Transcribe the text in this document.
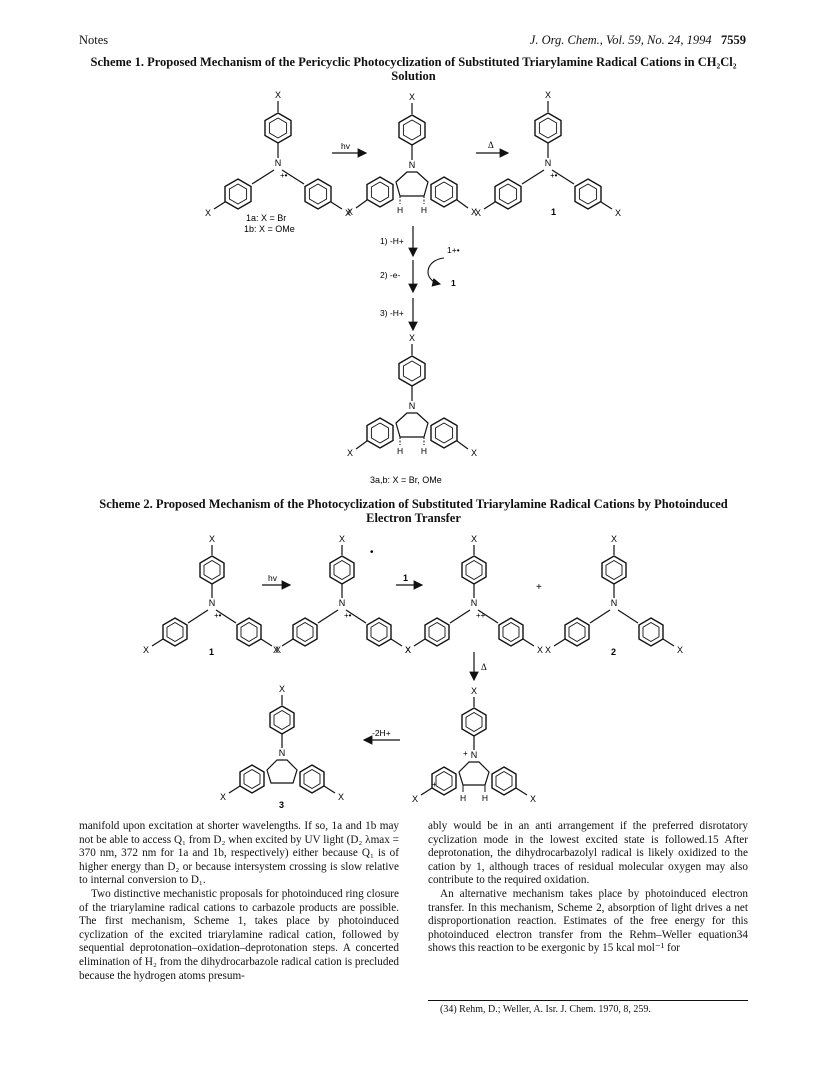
Notes	J. Org. Chem., Vol. 59, No. 24, 1994 7559
Scheme 1. Proposed Mechanism of the Pericyclic Photocyclization of Substituted Triarylamine Radical Cations in CH₂Cl₂ Solution
X
X
H
+•
1a: X = Br
1b: X = OMe
hv	Δ
+•
1
1) -H+
2) -e-
1+•
1
3) -H+
3a,b: X = Br, OMe
Scheme 2. Proposed Mechanism of the Photocyclization of Substituted Triarylamine Radical Cations by Photoinduced Electron Transfer
X
X
+•
1
hv
+•
•
1
++
+
2
Δ
+
+
H H
-2H+
3

manifold upon excitation at shorter wavelengths. If so, 1a and 1b may not be able to access Q₁ from D₂ when excited by UV light (D₂ λmax = 370 nm, 372 nm for 1a and 1b, respectively) either because Q₁ is of higher energy than D₂ or because intersystem crossing is slow relative to internal conversion to D₁.

Two distinctive mechanistic proposals for photoinduced ring closure of the triarylamine radical cations to carbazole products are possible. The first mechanism, Scheme 1, takes place by photoinduced cyclization of the excited triarylamine radical cation, followed by sequential deprotonation–oxidation–deprotonation steps. A concerted elimination of H₂ from the dihydrocarbazole radical cation is precluded because the hydrogen atoms presum-

ably would be in an anti arrangement if the preferred disrotatory cyclization mode in the lowest excited state is followed.15 After deprotonation, the dihydrocarbazolyl radical is likely oxidized to the cation by 1, although traces of residual molecular oxygen may also contribute to the required oxidation.

An alternative mechanism takes place by photoinduced electron transfer. In this mechanism, Scheme 2, absorption of light drives a net disproportionation reaction. Estimates of the free energy for this photoinduced electron transfer from the Rehm–Weller equation34 shows this reaction to be exergonic by 15 kcal mol⁻¹ for

(34) Rehm, D.; Weller, A. Isr. J. Chem. 1970, 8, 259.
